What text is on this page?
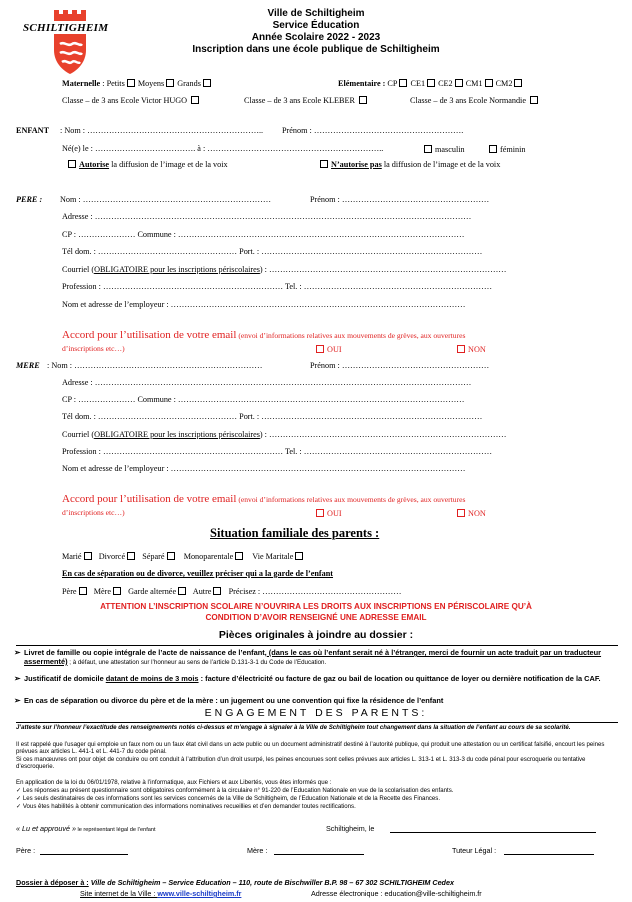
SCHILTIGHEIM
Ville de Schiltigheim
Service Éducation
Année Scolaire 2022 - 2023
Inscription dans une école publique de Schiltigheim
Maternelle : Petits Moyens Grands	Elémentaire : CP CE1 CE2 CM1 CM2
Classe – de 3 ans Ecole Victor HUGO	Classe – de 3 ans Ecole KLEBER	Classe – de 3 ans Ecole Normandie
ENFANT : Nom : ……………………………………………………….. Prénom : ……………………………………………….
Né(e) le : ………………………………. à : ………………………………………………………..	masculin	féminin
Autorise la diffusion de l’image et de la voix	N’autorise pas la diffusion de l’image et de la voix
PERE : Nom : ……………………………………………………………	Prénom : ………………………………………………
Adresse : …………………………………………………………………………………………………………………………
CP : ………………… Commune : ……………………………………………………………………………………………
Tél dom. : …………………………………………… Port. : ………………………………………………………………………
Courriel (OBLIGATOIRE pour les inscriptions périscolaires) : ……………………………………………………………………………
Profession : ………………………………………………………… Tel. : ……………………………………………………………
Nom et adresse de l’employeur : ………………………………………………………………………………………………
Accord pour l’utilisation de votre email (envoi d’informations relatives aux mouvements de grèves, aux ouvertures
d’inscriptions etc…)	OUI	NON
MERE : Nom : ……………………………………………………………	Prénom : ………………………………………………
Adresse : …………………………………………………………………………………………………………………………
CP : ………………… Commune : ……………………………………………………………………………………………
Tél dom. : …………………………………………… Port. : ………………………………………………………………………
Courriel (OBLIGATOIRE pour les inscriptions périscolaires) : ……………………………………………………………………………
Profession : ………………………………………………………… Tel. : ……………………………………………………………
Nom et adresse de l’employeur : ………………………………………………………………………………………………
Accord pour l’utilisation de votre email (envoi d’informations relatives aux mouvements de grèves, aux ouvertures
d’inscriptions etc…)	OUI	NON
Situation familiale des parents :
Marié Divorcé Séparé Monoparentale Vie Maritale
En cas de séparation ou de divorce, veuillez préciser qui a la garde de l’enfant
Père Mère Garde alternée Autre Précisez : ……………………………………………
ATTENTION L’INSCRIPTION SCOLAIRE N’OUVRIRA LES DROITS AUX INSCRIPTIONS EN PÉRISCOLAIRE QU’À
CONDITION D’AVOIR RENSEIGNÉ UNE ADRESSE EMAIL
Pièces originales à joindre au dossier :
➢ Livret de famille ou copie intégrale de l’acte de naissance de l’enfant, (dans le cas où l’enfant serait né à l’étranger, merci de fournir un acte traduit par un traducteur assermenté) ; à défaut, une attestation sur l’honneur au sens de l’article D.131-3-1 du Code de l’Education.
➢ Justificatif de domicile datant de moins de 3 mois : facture d’électricité ou facture de gaz ou bail de location ou quittance de loyer ou dernière notification de la CAF.
➢ En cas de séparation ou divorce du père et de la mère : un jugement ou une convention qui fixe la résidence de l’enfant
ENGAGEMENT DES PARENTS:
J’atteste sur l’honneur l’exactitude des renseignements notés ci-dessus et m’engage à signaler à la Ville de Schiltigheim tout changement dans la situation de l’enfant au cours de sa scolarité.
Il est rappelé que l’usager qui emploie un faux nom ou un faux état civil dans un acte public ou un document administratif destiné à l’autorité publique, qui produit une attestation ou un certificat falsifié, encourt les peines prévues aux articles L. 441-1 et L. 441-7 du code pénal.
Si ces manœuvres ont pour objet de conduire ou ont conduit à l’attribution d’un droit usurpé, les peines encourues sont celles prévues aux articles L. 313-1 et L. 313-3 du code pénal pour escroquerie ou tentative d’escroquerie.
En application de la loi du 06/01/1978, relative à l’informatique, aux Fichiers et aux Libertés, vous êtes informés que :
✓ Les réponses au présent questionnaire sont obligatoires conformément à la circulaire n° 91-220 de l’Education Nationale en vue de la scolarisation des enfants.
✓ Les seuls destinataires de ces informations sont les services concernés de la Ville de Schiltigheim, de l’Education Nationale et de la Recette des Finances.
✓ Vous êtes habilités à obtenir communication des informations nominatives recueillies et d’en demander toutes rectifications.
« Lu et approuvé » le représentant légal de l’enfant	Schiltigheim, le
Père :	Mère :	Tuteur Légal :
Dossier à déposer à : Ville de Schiltigheim – Service Education – 110, route de Bischwiller B.P. 98 – 67 302 SCHILTIGHEIM Cedex
Site internet de la Ville : www.ville-schiltigheim.fr	Adresse électronique : education@ville-schiltigheim.fr
